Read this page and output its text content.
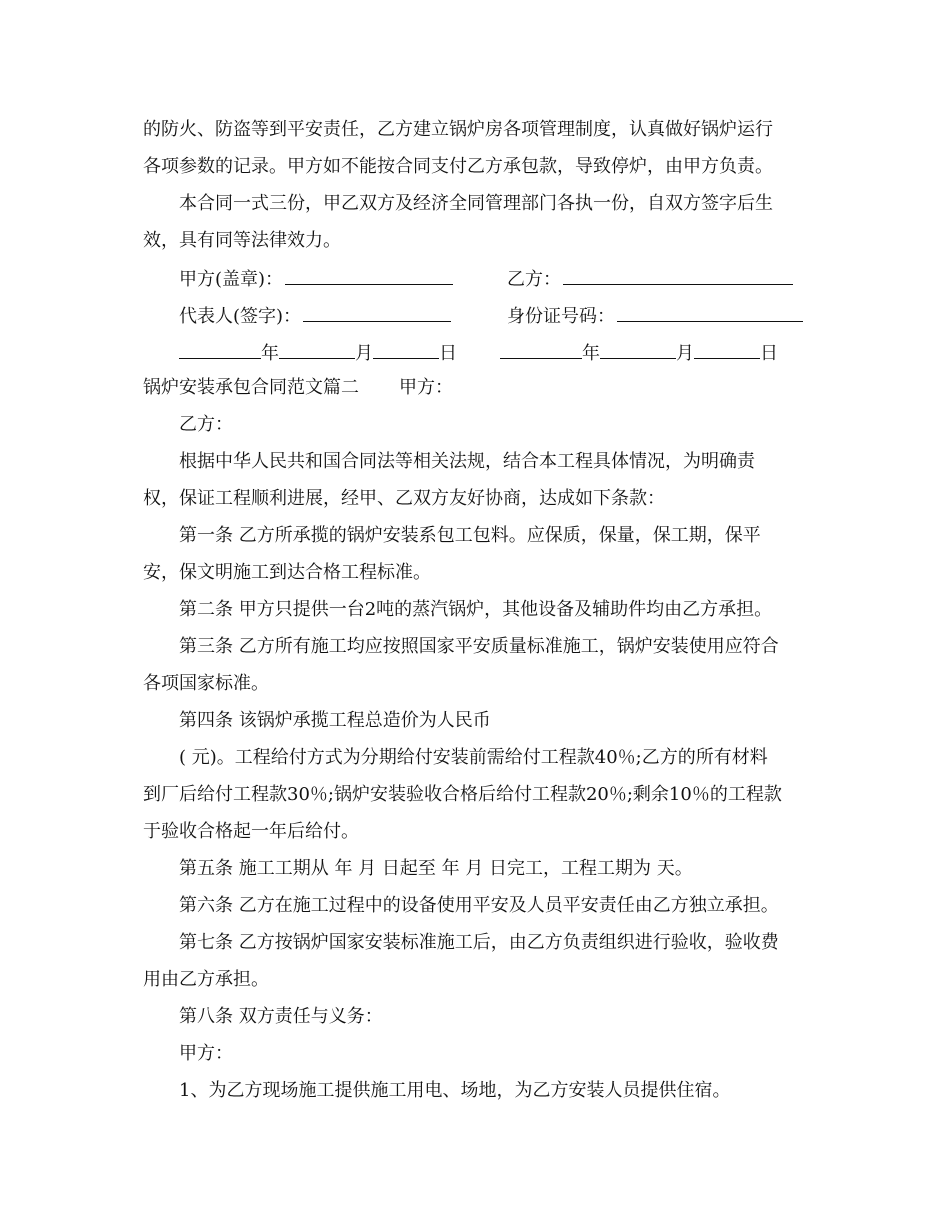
的防火、防盗等到平安责任，乙方建立锅炉房各项管理制度，认真做好锅炉运行
各项参数的记录。甲方如不能按合同支付乙方承包款，导致停炉，由甲方负责。
本合同一式三份，甲乙双方及经济全同管理部门各执一份，自双方签字后生
效，具有同等法律效力。
甲方(盖章)：	乙方：
代表人(签字)：	身份证号码：
年	月	日	年	月	日
锅炉安装承包合同范文篇二 甲方：
乙方：
根据中华人民共和国合同法等相关法规，结合本工程具体情况，为明确责
权，保证工程顺利进展，经甲、乙双方友好协商，达成如下条款：
第一条 乙方所承揽的锅炉安装系包工包料。应保质，保量，保工期，保平
安，保文明施工到达合格工程标准。
第二条 甲方只提供一台2吨的蒸汽锅炉，其他设备及辅助件均由乙方承担。
第三条 乙方所有施工均应按照国家平安质量标准施工，锅炉安装使用应符合
各项国家标准。
第四条 该锅炉承揽工程总造价为人民币
( 元)。工程给付方式为分期给付安装前需给付工程款40％;乙方的所有材料
到厂后给付工程款30％;锅炉安装验收合格后给付工程款20％;剩余10％的工程款
于验收合格起一年后给付。
第五条 施工工期从 年 月 日起至 年 月 日完工，工程工期为 天。
第六条 乙方在施工过程中的设备使用平安及人员平安责任由乙方独立承担。
第七条 乙方按锅炉国家安装标准施工后，由乙方负责组织进行验收，验收费
用由乙方承担。
第八条 双方责任与义务：
甲方：
1、为乙方现场施工提供施工用电、场地，为乙方安装人员提供住宿。
